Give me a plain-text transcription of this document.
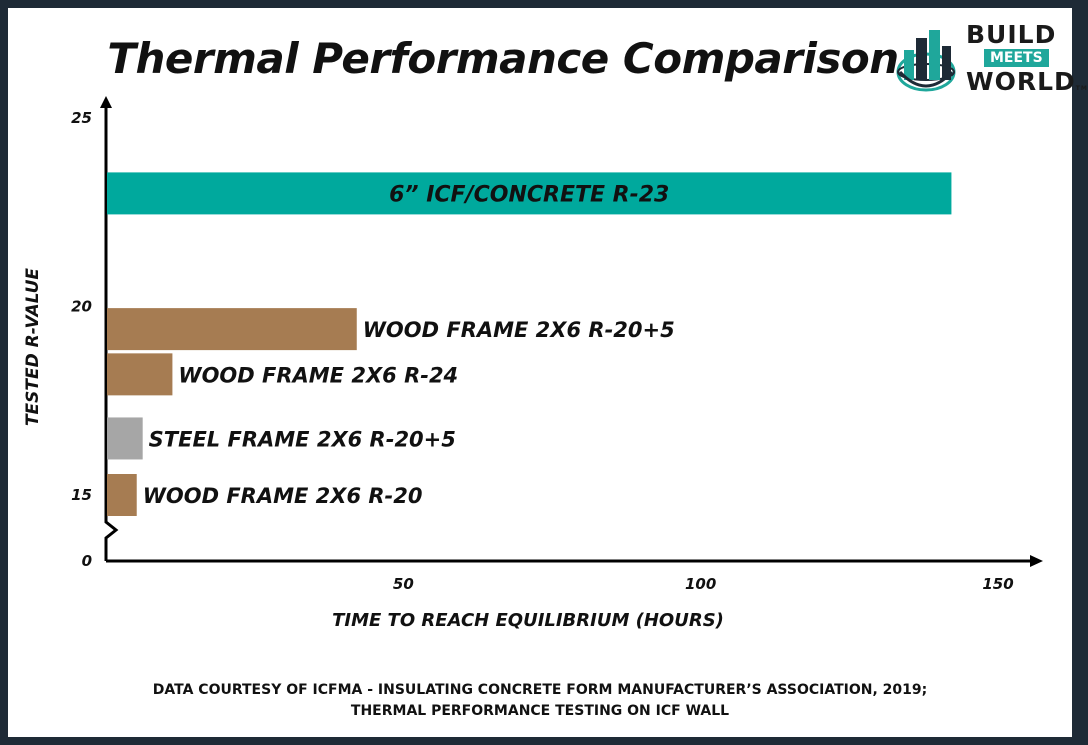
Thermal Performance Comparison	BUILD
MEETS
WORLDTM
0
15
20
25
50	100	150
TIME TO REACH EQUILIBRIUM (HOURS)
TESTED R-VALUE
6” ICF/CONCRETE R-23
WOOD FRAME 2X6 R-20+5
WOOD FRAME 2X6 R-24
STEEL FRAME 2X6 R-20+5
WOOD FRAME 2X6 R-20
DATA COURTESY OF ICFMA - INSULATING CONCRETE FORM MANUFACTURER’S ASSOCIATION, 2019;
THERMAL PERFORMANCE TESTING ON ICF WALL
